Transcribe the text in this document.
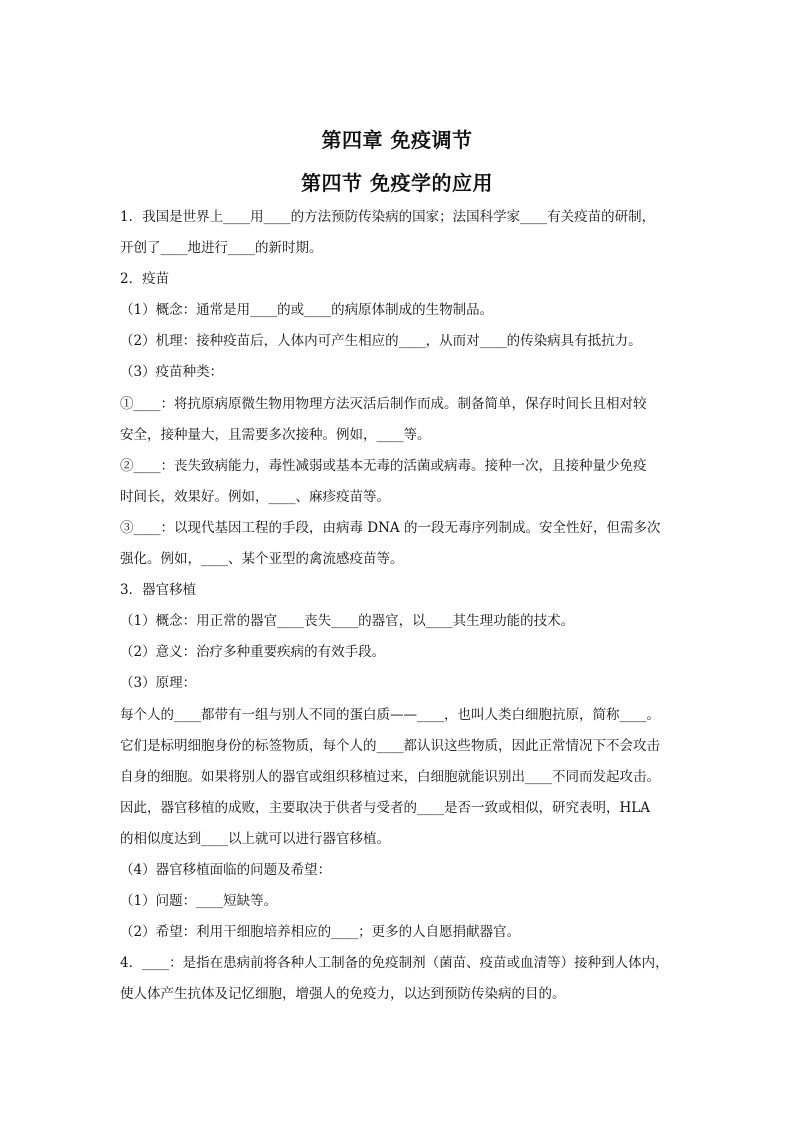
第四章 免疫调节
第四节 免疫学的应用
1．我国是世界上____用____的方法预防传染病的国家；法国科学家____有关疫苗的研制，
开创了____地进行____的新时期。
2．疫苗
（1）概念：通常是用____的或____的病原体制成的生物制品。
（2）机理：接种疫苗后，人体内可产生相应的____，从而对____的传染病具有抵抗力。
（3）疫苗种类：
①____：将抗原病原微生物用物理方法灭活后制作而成。制备简单，保存时间长且相对较
安全，接种量大，且需要多次接种。例如，____等。
②____：丧失致病能力，毒性减弱或基本无毒的活菌或病毒。接种一次，且接种量少免疫
时间长，效果好。例如，____、麻疹疫苗等。
③____：以现代基因工程的手段，由病毒 DNA 的一段无毒序列制成。安全性好，但需多次
强化。例如，____、某个亚型的禽流感疫苗等。
3．器官移植
（1）概念：用正常的器官____丧失____的器官，以____其生理功能的技术。
（2）意义：治疗多种重要疾病的有效手段。
（3）原理：
每个人的____都带有一组与别人不同的蛋白质——____，也叫人类白细胞抗原，简称____。
它们是标明细胞身份的标签物质，每个人的____都认识这些物质，因此正常情况下不会攻击
自身的细胞。如果将别人的器官或组织移植过来，白细胞就能识别出____不同而发起攻击。
因此，器官移植的成败，主要取决于供者与受者的____是否一致或相似，研究表明，HLA
的相似度达到____以上就可以进行器官移植。
（4）器官移植面临的问题及希望：
（1）问题：____短缺等。
（2）希望：利用干细胞培养相应的____；更多的人自愿捐献器官。
4．____：是指在患病前将各种人工制备的免疫制剂（菌苗、疫苗或血清等）接种到人体内，
使人体产生抗体及记忆细胞，增强人的免疫力，以达到预防传染病的目的。
